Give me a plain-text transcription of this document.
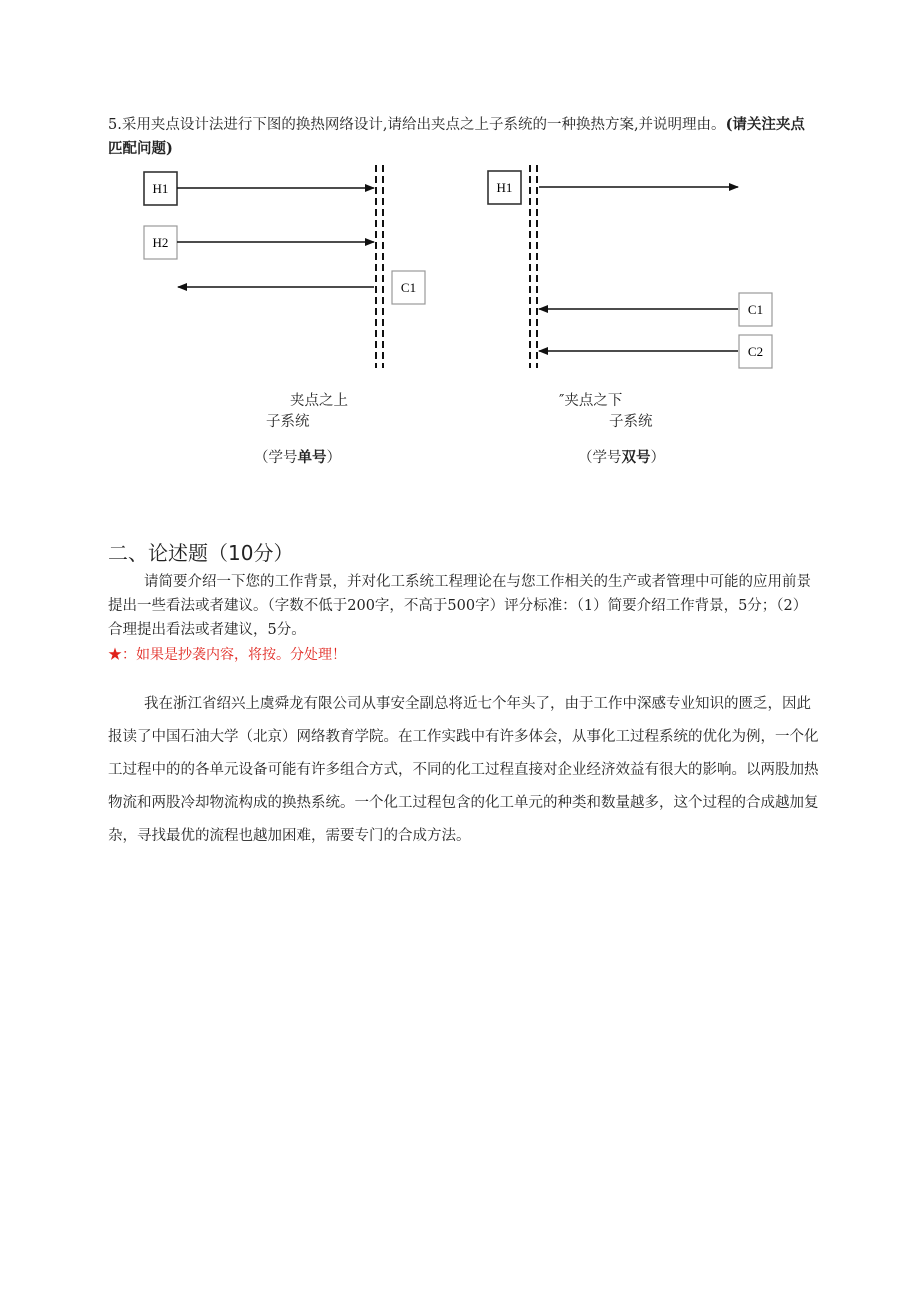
5.采用夹点设计法进行下图的换热网络设计,请给出夹点之上子系统的一种换热方案,并说明理由。(请关注夹点匹配问题)
H1
H2
C1
H1
C1
C2
夹点之上
子系统
（学号单号）
″夹点之下
子系统
（学号双号）
二、论述题（10分）
请简要介绍一下您的工作背景，并对化工系统工程理论在与您工作相关的生产或者管理中可能的应用前景提出一些看法或者建议。（字数不低于200字，不高于500字）评分标准：（1）简要介绍工作背景，5分；（2）合理提出看法或者建议，5分。
★：如果是抄袭内容，将按。分处理！
我在浙江省绍兴上虞舜龙有限公司从事安全副总将近七个年头了，由于工作中深感专业知识的匮乏，因此报读了中国石油大学（北京）网络教育学院。在工作实践中有许多体会，从事化工过程系统的优化为例，一个化工过程中的的各单元设备可能有许多组合方式，不同的化工过程直接对企业经济效益有很大的影响。以两股加热物流和两股冷却物流构成的换热系统。一个化工过程包含的化工单元的种类和数量越多，这个过程的合成越加复杂，寻找最优的流程也越加困难，需要专门的合成方法。
